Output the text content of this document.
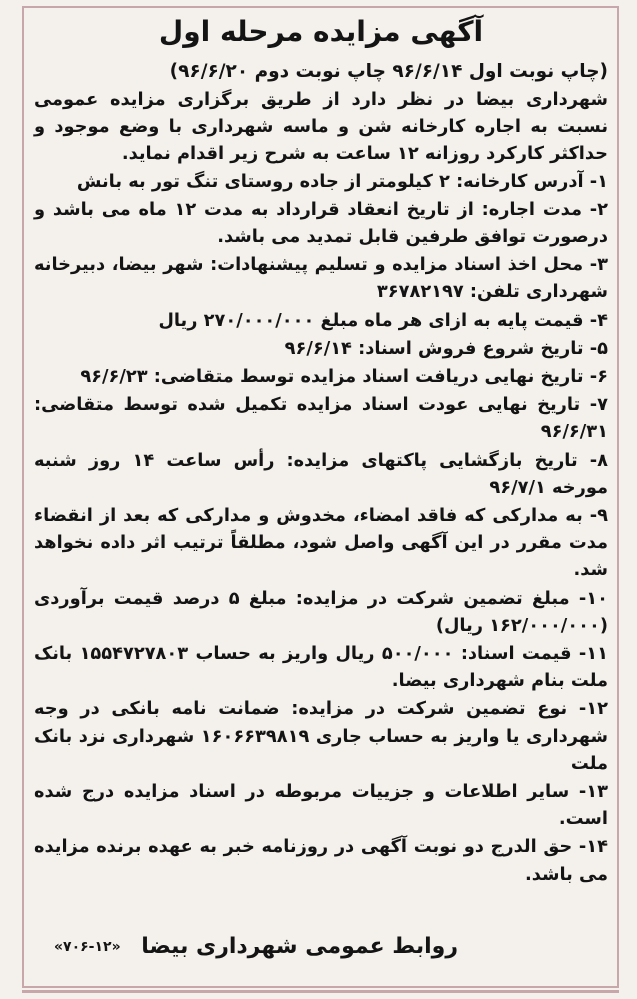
آگهی مزایده مرحله اول
(چاپ نوبت اول ۹۶/۶/۱۴ چاپ نوبت دوم ۹۶/۶/۲۰)
شهرداری بیضا در نظر دارد از طریق برگزاری مزایده عمومی نسبت به اجاره کارخانه شن و ماسه شهرداری با وضع موجود و حداکثر کارکرد روزانه ۱۲ ساعت به شرح زیر اقدام نماید.
۱- آدرس کارخانه: ۲ کیلومتر از جاده روستای تنگ تور به بانش
۲- مدت اجاره: از تاریخ انعقاد قرارداد به مدت ۱۲ ماه می باشد و درصورت توافق طرفین قابل تمدید می باشد.
۳- محل اخذ اسناد مزایده و تسلیم پیشنهادات: شهر بیضا، دبیرخانه شهرداری تلفن: ۳۶۷۸۲۱۹۷
۴- قیمت پایه به ازای هر ماه مبلغ ۲۷۰/۰۰۰/۰۰۰ ریال
۵- تاریخ شروع فروش اسناد: ۹۶/۶/۱۴
۶- تاریخ نهایی دریافت اسناد مزایده توسط متقاضی: ۹۶/۶/۲۳
۷- تاریخ نهایی عودت اسناد مزایده تکمیل شده توسط متقاضی: ۹۶/۶/۳۱
۸- تاریخ بازگشایی پاکتهای مزایده: رأس ساعت ۱۴ روز شنبه مورخه ۹۶/۷/۱
۹- به مدارکی که فاقد امضاء، مخدوش و مدارکی که بعد از انقضاء مدت مقرر در این آگهی واصل شود، مطلقاً ترتیب اثر داده نخواهد شد.
۱۰- مبلغ تضمین شرکت در مزایده: مبلغ ۵ درصد قیمت برآوردی (۱۶۲/۰۰۰/۰۰۰ ریال)
۱۱- قیمت اسناد: ۵۰۰/۰۰۰ ریال واریز به حساب ۱۵۵۴۷۲۷۸۰۳ بانک ملت بنام شهرداری بیضا.
۱۲- نوع تضمین شرکت در مزایده: ضمانت نامه بانکی در وجه شهرداری یا واریز به حساب جاری ۱۶۰۶۶۳۹۸۱۹ شهرداری نزد بانک ملت
۱۳- سایر اطلاعات و جزییات مربوطه در اسناد مزایده درج شده است.
۱۴- حق الدرج دو نوبت آگهی در روزنامه خبر به عهده برنده مزایده می باشد.
روابط عمومی شهرداری بیضا
«۷۰۶-۱۲»
